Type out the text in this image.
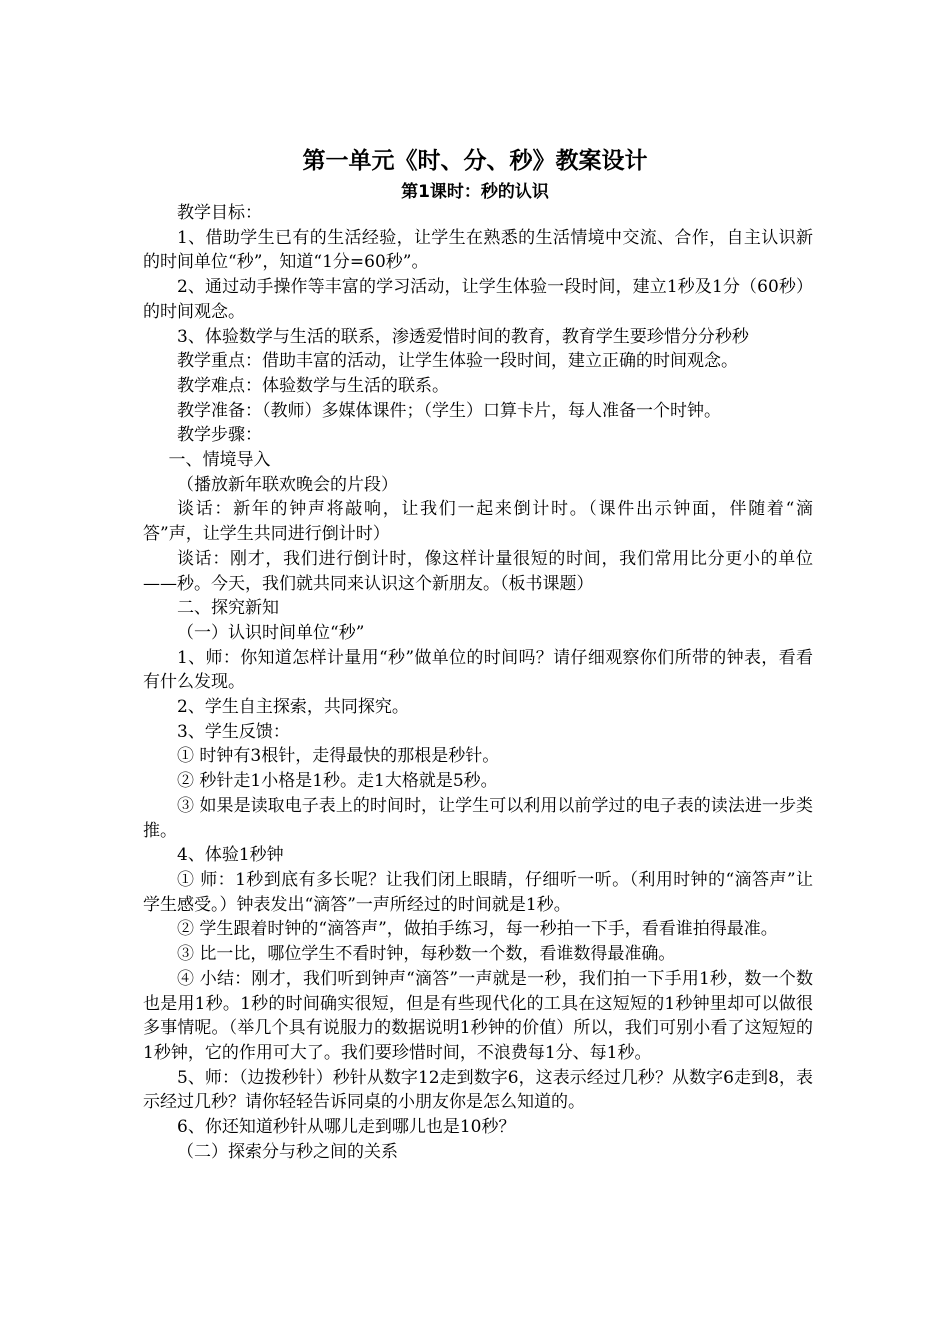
第一单元《时、分、秒》教案设计
第1课时：秒的认识

教学目标：

1、借助学生已有的生活经验，让学生在熟悉的生活情境中交流、合作，自主认识新的时间单位“秒”，知道“1分=60秒”。

2、通过动手操作等丰富的学习活动，让学生体验一段时间，建立1秒及1分（60秒）的时间观念。

3、体验数学与生活的联系，渗透爱惜时间的教育，教育学生要珍惜分分秒秒

教学重点：借助丰富的活动，让学生体验一段时间，建立正确的时间观念。

教学难点：体验数学与生活的联系。

教学准备：（教师）多媒体课件；（学生）口算卡片，每人准备一个时钟。

教学步骤：

一、情境导入

（播放新年联欢晚会的片段）

谈话：新年的钟声将敲响，让我们一起来倒计时。（课件出示钟面，伴随着“滴答”声，让学生共同进行倒计时）

谈话：刚才，我们进行倒计时，像这样计量很短的时间，我们常用比分更小的单位——秒。今天，我们就共同来认识这个新朋友。（板书课题）

二、探究新知

（一）认识时间单位“秒”

1、师：你知道怎样计量用“秒”做单位的时间吗？请仔细观察你们所带的钟表，看看有什么发现。

2、学生自主探索，共同探究。

3、学生反馈：

① 时钟有3根针，走得最快的那根是秒针。

② 秒针走1小格是1秒。走1大格就是5秒。

③ 如果是读取电子表上的时间时，让学生可以利用以前学过的电子表的读法进一步类推。

4、体验1秒钟

① 师：1秒到底有多长呢？让我们闭上眼睛，仔细听一听。（利用时钟的“滴答声”让学生感受。）钟表发出“滴答”一声所经过的时间就是1秒。

② 学生跟着时钟的“滴答声”，做拍手练习，每一秒拍一下手，看看谁拍得最准。

③ 比一比，哪位学生不看时钟，每秒数一个数，看谁数得最准确。

④ 小结：刚才，我们听到钟声“滴答”一声就是一秒，我们拍一下手用1秒，数一个数也是用1秒。1秒的时间确实很短，但是有些现代化的工具在这短短的1秒钟里却可以做很多事情呢。（举几个具有说服力的数据说明1秒钟的价值）所以，我们可别小看了这短短的1秒钟，它的作用可大了。我们要珍惜时间，不浪费每1分、每1秒。

5、师：（边拨秒针）秒针从数字12走到数字6，这表示经过几秒？从数字6走到8，表示经过几秒？请你轻轻告诉同桌的小朋友你是怎么知道的。

6、你还知道秒针从哪儿走到哪儿也是10秒？

（二）探索分与秒之间的关系
